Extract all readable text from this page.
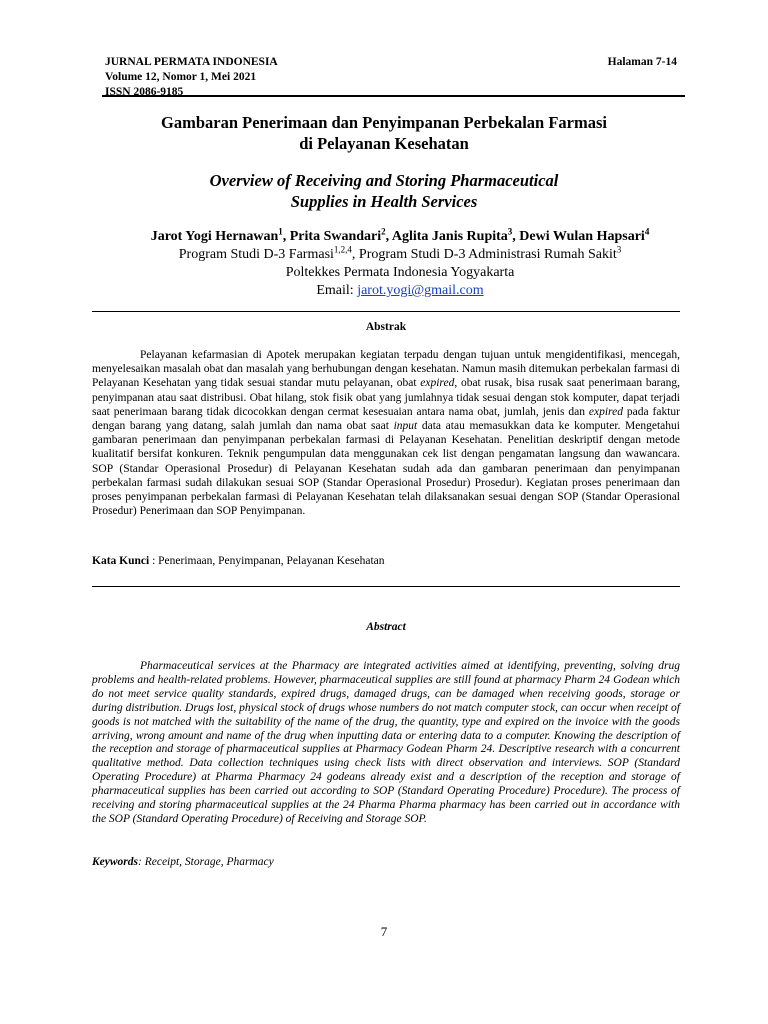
JURNAL PERMATA INDONESIA
Volume 12, Nomor 1, Mei 2021
ISSN 2086-9185
Halaman 7-14
Gambaran Penerimaan dan Penyimpanan Perbekalan Farmasi
di Pelayanan Kesehatan
Overview of Receiving and Storing Pharmaceutical
Supplies in Health Services
Jarot Yogi Hernawan$^1$, Prita Swandari$^2$, Aglita Janis Rupita$^3$, Dewi Wulan Hapsari$^4$
Program Studi D-3 Farmasi$^{1,2,4}$, Program Studi D-3 Administrasi Rumah Sakit$^3$
Poltekkes Permata Indonesia Yogyakarta
Email: jarot.yogi@gmail.com
Abstrak

Pelayanan kefarmasian di Apotek merupakan kegiatan terpadu dengan tujuan untuk mengidentifikasi, mencegah, menyelesaikan masalah obat dan masalah yang berhubungan dengan kesehatan. Namun masih ditemukan perbekalan farmasi di Pelayanan Kesehatan yang tidak sesuai standar mutu pelayanan, obat expired, obat rusak, bisa rusak saat penerimaan barang, penyimpanan atau saat distribusi. Obat hilang, stok fisik obat yang jumlahnya tidak sesuai dengan stok komputer, dapat terjadi saat penerimaan barang tidak dicocokkan dengan cermat kesesuaian antara nama obat, jumlah, jenis dan expired pada faktur dengan barang yang datang, salah jumlah dan nama obat saat input data atau memasukkan data ke komputer. Mengetahui gambaran penerimaan dan penyimpanan perbekalan farmasi di Pelayanan Kesehatan. Penelitian deskriptif dengan metode kualitatif bersifat konkuren. Teknik pengumpulan data menggunakan cek list dengan pengamatan langsung dan wawancara. SOP (Standar Operasional Prosedur) di Pelayanan Kesehatan sudah ada dan gambaran penerimaan dan penyimpanan perbekalan farmasi sudah dilakukan sesuai SOP (Standar Operasional Prosedur) Prosedur). Kegiatan proses penerimaan dan proses penyimpanan perbekalan farmasi di Pelayanan Kesehatan telah dilaksanakan sesuai dengan SOP (Standar Operasional Prosedur) Penerimaan dan SOP Penyimpanan.

Kata Kunci : Penerimaan, Penyimpanan, Pelayanan Kesehatan
Abstract

Pharmaceutical services at the Pharmacy are integrated activities aimed at identifying, preventing, solving drug problems and health-related problems. However, pharmaceutical supplies are still found at pharmacy Pharm 24 Godean which do not meet service quality standards, expired drugs, damaged drugs, can be damaged when receiving goods, storage or during distribution. Drugs lost, physical stock of drugs whose numbers do not match computer stock, can occur when receipt of goods is not matched with the suitability of the name of the drug, the quantity, type and expired on the invoice with the goods arriving, wrong amount and name of the drug when inputting data or entering data to a computer. Knowing the description of the reception and storage of pharmaceutical supplies at Pharmacy Godean Pharm 24. Descriptive research with a concurrent qualitative method. Data collection techniques using check lists with direct observation and interviews. SOP (Standard Operating Procedure) at Pharma Pharmacy 24 godeans already exist and a description of the reception and storage of pharmaceutical supplies has been carried out according to SOP (Standard Operating Procedure) Procedure). The process of receiving and storing pharmaceutical supplies at the 24 Pharma Pharma pharmacy has been carried out in accordance with the SOP (Standard Operating Procedure) of Receiving and Storage SOP.

Keywords: Receipt, Storage, Pharmacy
7
